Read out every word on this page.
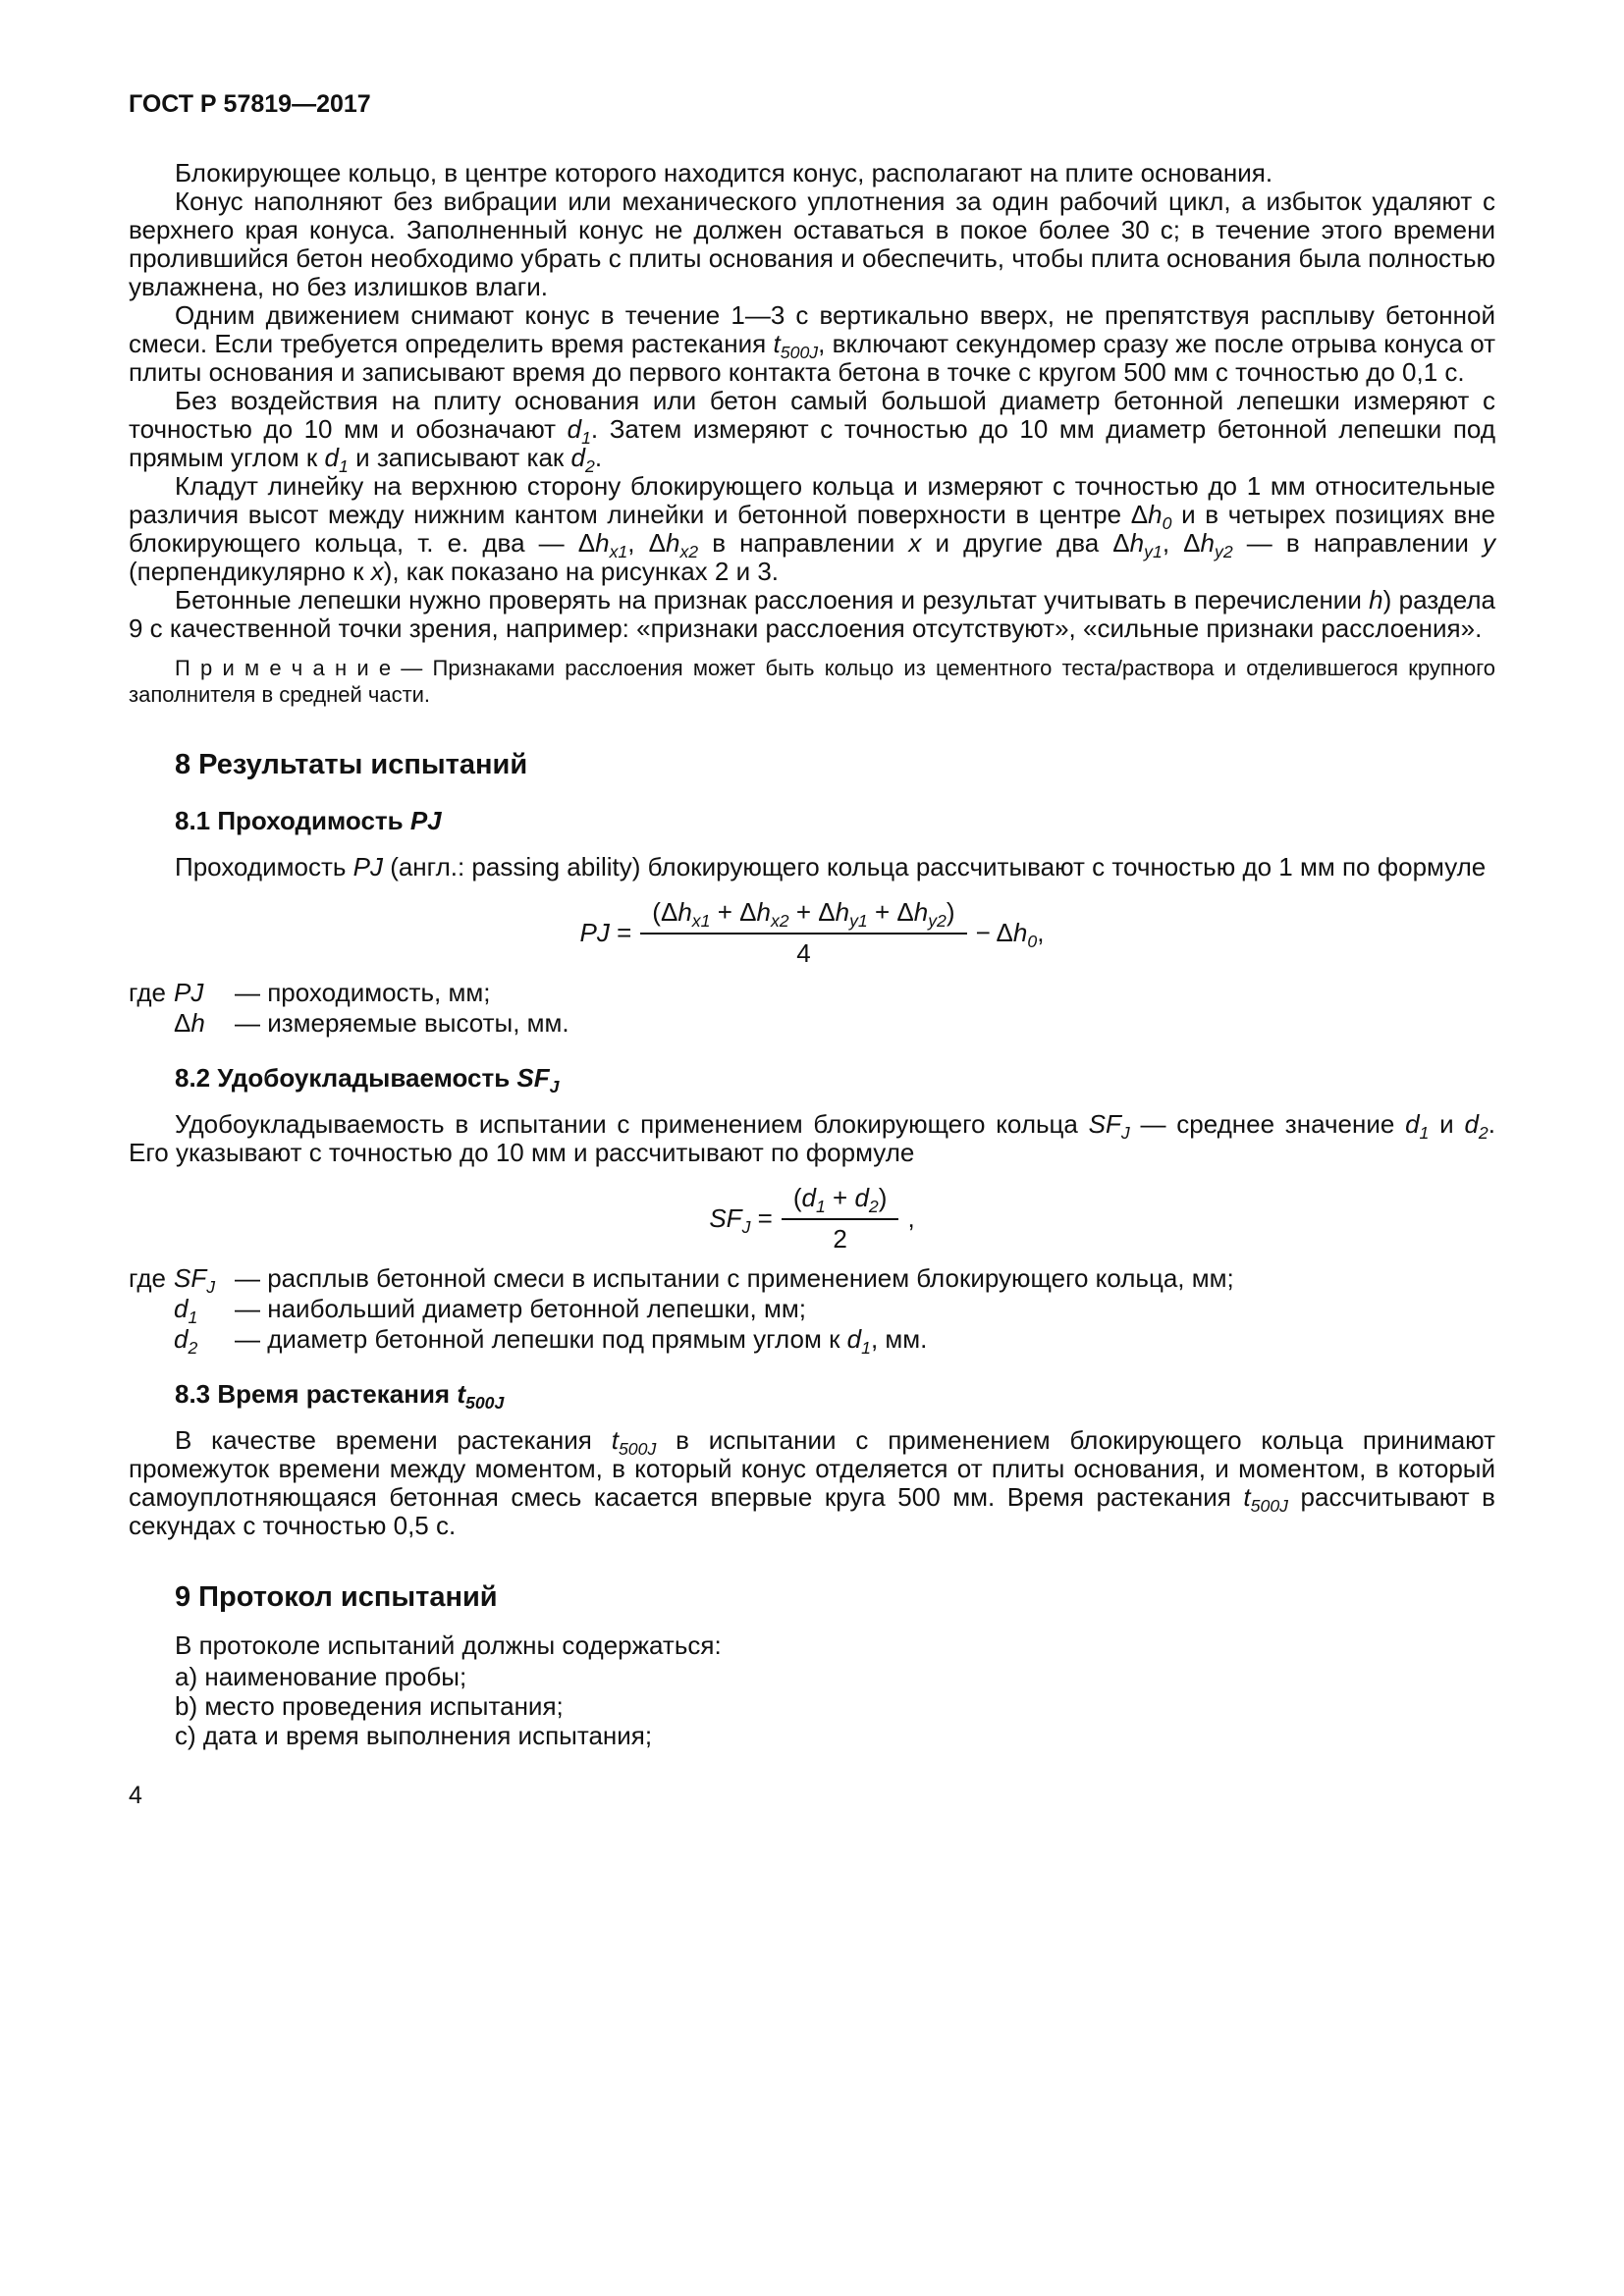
ГОСТ Р 57819—2017

Блокирующее кольцо, в центре которого находится конус, располагают на плите основания.

Конус наполняют без вибрации или механического уплотнения за один рабочий цикл, а избыток удаляют с верхнего края конуса. Заполненный конус не должен оставаться в покое более 30 с; в течение этого времени пролившийся бетон необходимо убрать с плиты основания и обеспечить, чтобы плита основания была полностью увлажнена, но без излишков влаги.

Одним движением снимают конус в течение 1—3 с вертикально вверх, не препятствуя расплыву бетонной смеси. Если требуется определить время растекания $t_{500J}$, включают секундомер сразу же после отрыва конуса от плиты основания и записывают время до первого контакта бетона в точке с кругом 500 мм с точностью до 0,1 с.

Без воздействия на плиту основания или бетон самый большой диаметр бетонной лепешки измеряют с точностью до 10 мм и обозначают $d_1$. Затем измеряют с точностью до 10 мм диаметр бетонной лепешки под прямым углом к $d_1$ и записывают как $d_2$.

Кладут линейку на верхнюю сторону блокирующего кольца и измеряют с точностью до 1 мм относительные различия высот между нижним кантом линейки и бетонной поверхности в центре $\Delta h_0$ и в четырех позициях вне блокирующего кольца, т. е. два — $\Delta h_{x1}$, $\Delta h_{x2}$ в направлении x и другие два $\Delta h_{y1}$, $\Delta h_{y2}$ — в направлении y (перпендикулярно к x), как показано на рисунках 2 и 3.

Бетонные лепешки нужно проверять на признак расслоения и результат учитывать в перечислении h) раздела 9 с качественной точки зрения, например: «признаки расслоения отсутствуют», «сильные признаки расслоения».

П р и м е ч а н и е — Признаками расслоения может быть кольцо из цементного теста/раствора и отделившегося крупного заполнителя в средней части.

8 Результаты испытаний
8.1 Проходимость PJ

Проходимость PJ (англ.: passing ability) блокирующего кольца рассчитывают с точностью до 1 мм по формуле

PJ = $\frac{(\Delta h_{x1} + \Delta h_{x2} + \Delta h_{y1} + \Delta h_{y2})}{4} - \Delta h_0$,
где PJ	— проходимость, мм;
Δh	— измеряемые высоты, мм.
8.2 Удобоукладываемость $SF_J$

Удобоукладываемость в испытании с применением блокирующего кольца $SF_J$ — среднее значение $d_1$ и $d_2$. Его указывают с точностью до 10 мм и рассчитывают по формуле

$SF_J = \frac{(d_1 + d_2)}{2}$ ,
где $SF_J$ — расплыв бетонной смеси в испытании с применением блокирующего кольца, мм;
$d_1$	— наибольший диаметр бетонной лепешки, мм;
$d_2$	— диаметр бетонной лепешки под прямым углом к $d_1$, мм.
8.3 Время растекания $t_{500J}$

В качестве времени растекания $t_{500J}$ в испытании с применением блокирующего кольца принимают промежуток времени между моментом, в который конус отделяется от плиты основания, и моментом, в который самоуплотняющаяся бетонная смесь касается впервые круга 500 мм. Время растекания $t_{500J}$ рассчитывают в секундах с точностью 0,5 с.

9 Протокол испытаний

В протоколе испытаний должны содержаться:

a) наименование пробы;
b) место проведения испытания;
c) дата и время выполнения испытания;
4
